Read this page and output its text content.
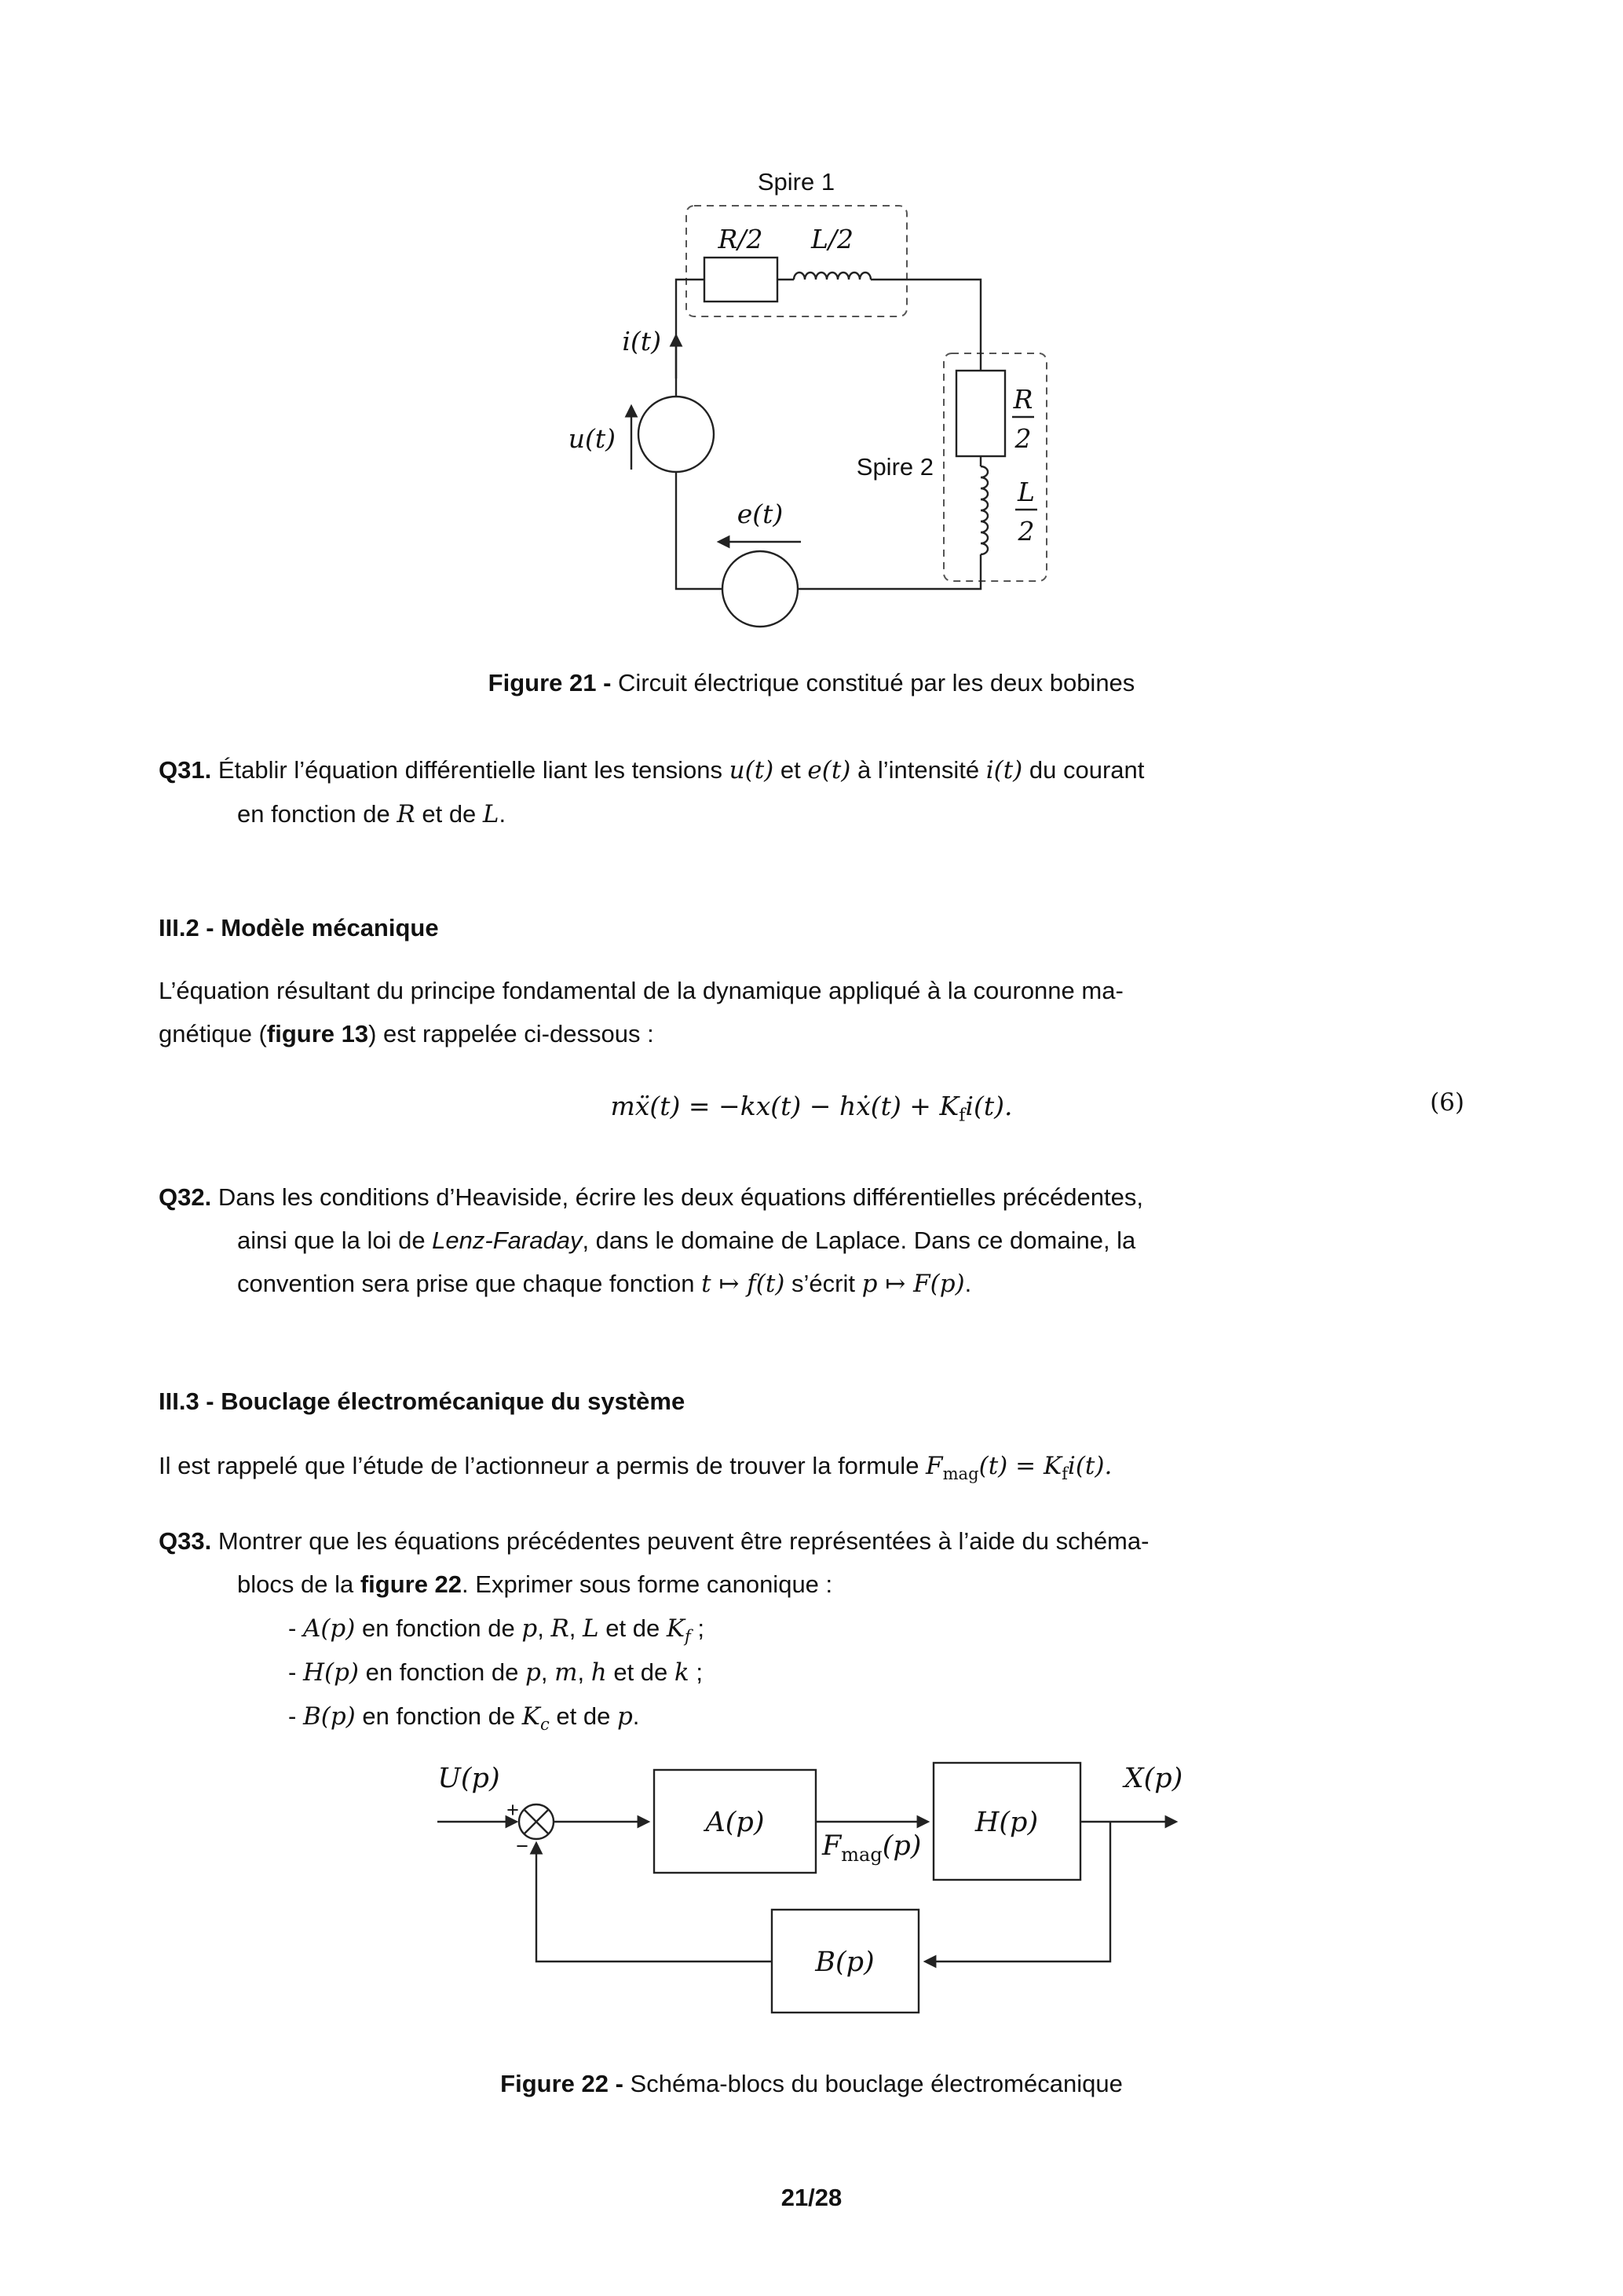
Spire 1
Spire 2
R/2 L/2
i(t)
u(t)
e(t)
R
2
L
2
Figure 21 - Circuit électrique constitué par les deux bobines
Q31. Établir l’équation différentielle liant les tensions u(t) et e(t) à l’intensité i(t) du courant
en fonction de R et de L.
III.2 - Modèle mécanique
L’équation résultant du principe fondamental de la dynamique appliqué à la couronne ma-
gnétique (figure 13) est rappelée ci-dessous :
mẍ(t) = −kx(t) − hẋ(t) + $K_fi(t)$.	(6)
Q32. Dans les conditions d’Heaviside, écrire les deux équations différentielles précédentes,
ainsi que la loi de Lenz-Faraday, dans le domaine de Laplace. Dans ce domaine, la
convention sera prise que chaque fonction t ↦ f(t) s’écrit p ↦ F(p).
III.3 - Bouclage électromécanique du système
Il est rappelé que l’étude de l’actionneur a permis de trouver la formule $F_{mag}(t) = K_fi(t)$.
Q33. Montrer que les équations précédentes peuvent être représentées à l’aide du schéma-
blocs de la figure 22. Exprimer sous forme canonique :
- A(p) en fonction de p, R, L et de $K_f$ ;
- H(p) en fonction de p, m, h et de k ;
- B(p) en fonction de $K_c$ et de p.
+
−
A(p)
$F_{mag}(p)$
H(p)
B(p)
U(p)	X(p)
Figure 22 - Schéma-blocs du bouclage électromécanique
21/28
